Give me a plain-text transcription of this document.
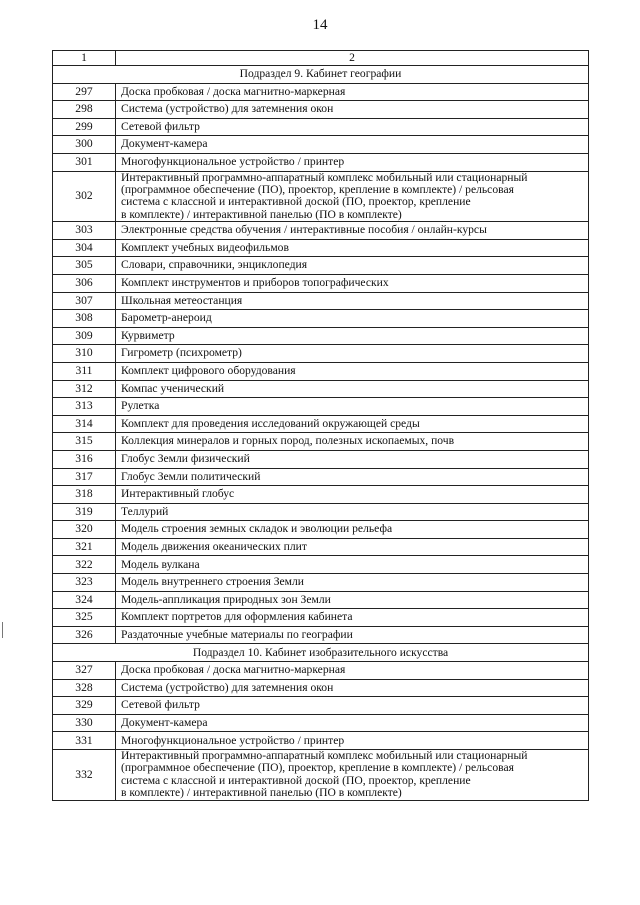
14
1	2
Подраздел 9. Кабинет географии	
297	Доска пробковая / доска магнитно-маркерная
298	Система (устройство) для затемнения окон
299	Сетевой фильтр
300	Документ-камера
301	Многофункциональное устройство / принтер
302	Интерактивный программно-аппаратный комплекс мобильный или стационарный
(программное обеспечение (ПО), проектор, крепление в комплекте) / рельсовая
система с классной и интерактивной доской (ПО, проектор, крепление
в комплекте) / интерактивной панелью (ПО в комплекте)

303	Электронные средства обучения / интерактивные пособия / онлайн-курсы
304	Комплект учебных видеофильмов
305	Словари, справочники, энциклопедия
306	Комплект инструментов и приборов топографических
307	Школьная метеостанция
308	Барометр-анероид
309	Курвиметр
310	Гигрометр (психрометр)
311	Комплект цифрового оборудования
312	Компас ученический
313	Рулетка
314	Комплект для проведения исследований окружающей среды
315	Коллекция минералов и горных пород, полезных ископаемых, почв
316	Глобус Земли физический
317	Глобус Земли политический
318	Интерактивный глобус
319	Теллурий
320	Модель строения земных складок и эволюции рельефа
321	Модель движения океанических плит
322	Модель вулкана
323	Модель внутреннего строения Земли
324	Модель-аппликация природных зон Земли
325	Комплект портретов для оформления кабинета
326	Раздаточные учебные материалы по географии
Подраздел 10. Кабинет изобразительного искусства	
327	Доска пробковая / доска магнитно-маркерная
328	Система (устройство) для затемнения окон
329	Сетевой фильтр
330	Документ-камера
331	Многофункциональное устройство / принтер
332	Интерактивный программно-аппаратный комплекс мобильный или стационарный
(программное обеспечение (ПО), проектор, крепление в комплекте) / рельсовая
система с классной и интерактивной доской (ПО, проектор, крепление
в комплекте) / интерактивной панелью (ПО в комплекте)
